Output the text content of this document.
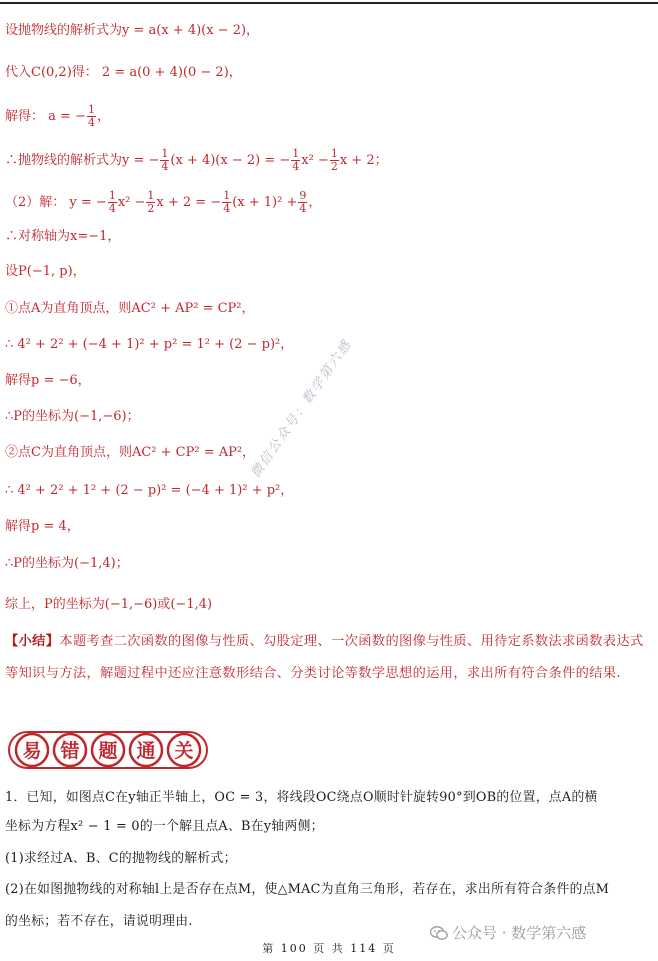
设抛物线的解析式为y = a(x + 4)(x − 2)，
代入C(0,2)得： 2 = a(0 + 4)(0 − 2)，
解得： a = − $\frac{1}{4}$ ，
∴抛物线的解析式为y = − $\frac{1}{4} (x + 4)(x - 2)$ = − $\frac{1}{4} x^2 - \frac{1}{2}$ x + 2；
（2）解： y = − $\frac{1}{4} x^2 - \frac{1}{2}$ x + 2 = − $\frac{1}{4} (x + 1)^2 + \frac{9}{4}$ ，
∴对称轴为x=−1，
设P(−1, p)，
①点A为直角顶点，则AC² + AP² = CP²，
∴ 4² + 2² + (−4 + 1)² + p² = 1² + (2 − p)²，
解得p = −6，
∴P的坐标为(−1,−6)；
②点C为直角顶点，则AC² + CP² = AP²，
∴ 4² + 2² + 1² + (2 − p)² = (−4 + 1)² + p²，
解得p = 4，
∴P的坐标为(−1,4)；
综上，P的坐标为(−1,−6)或(−1,4)
微信公众号：数学第六感
【小结】本题考查二次函数的图像与性质、勾股定理、一次函数的图像与性质、用待定系数法求函数表达式等知识与方法，解题过程中还应注意数形结合、分类讨论等数学思想的运用，求出所有符合条件的结果.
易 错 题 通 关
1．已知，如图点C在y轴正半轴上，OC = 3，将线段OC绕点O顺时针旋转90°到OB的位置，点A的横
坐标为方程x² − 1 = 0的一个解且点A、B在y轴两侧；
(1)求经过A、B、C的抛物线的解析式；
(2)在如图抛物线的对称轴l上是否存在点M，使△MAC为直角三角形，若存在，求出所有符合条件的点M
的坐标；若不存在，请说明理由.
公众号 · 数学第六感
第 100 页 共 114 页
